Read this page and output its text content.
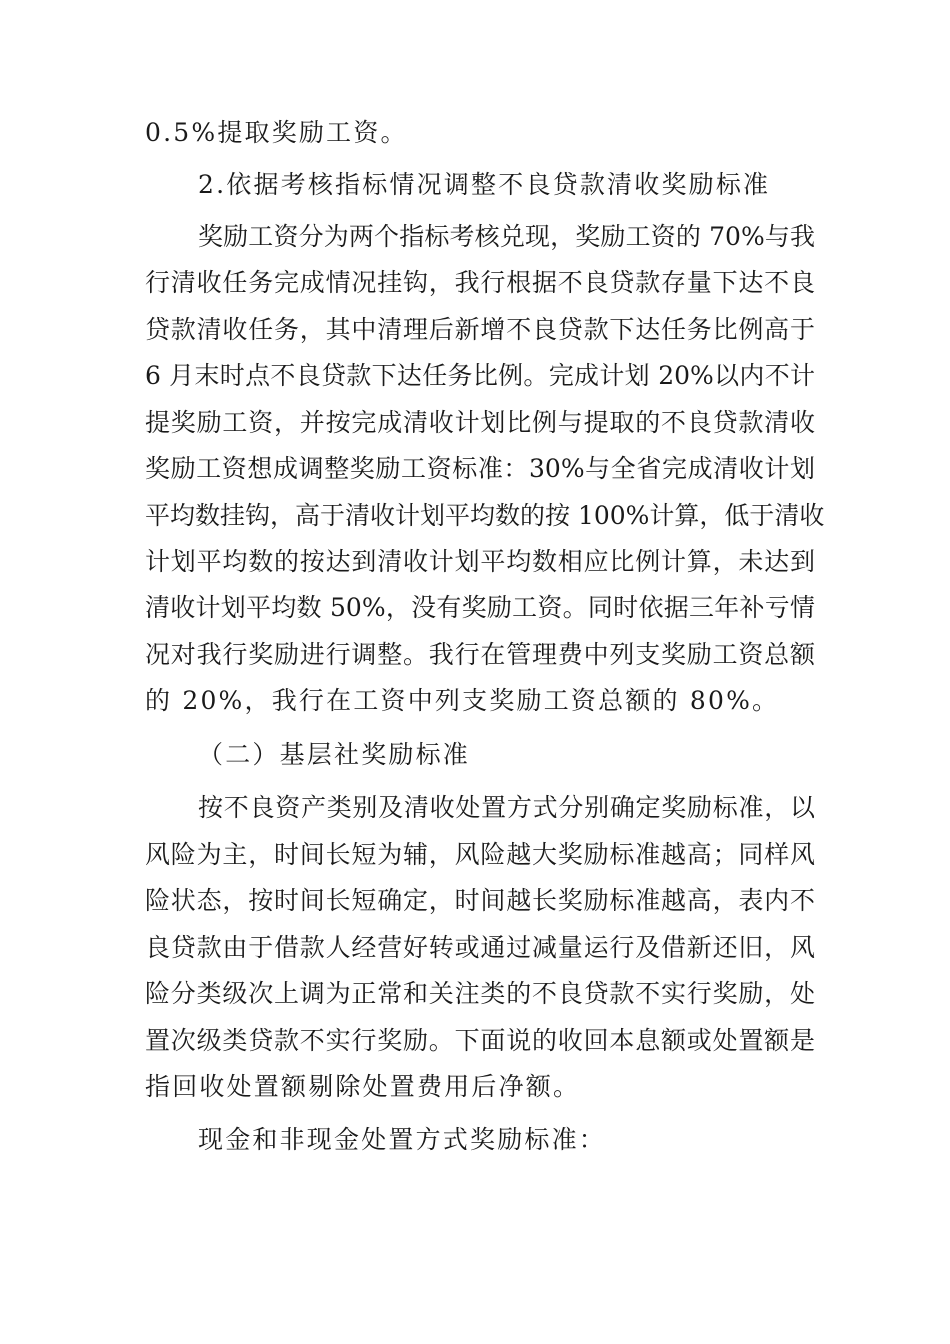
0.5%提取奖励工资。
2.依据考核指标情况调整不良贷款清收奖励标准
奖励工资分为两个指标考核兑现，奖励工资的 70%与我
行清收任务完成情况挂钩，我行根据不良贷款存量下达不良
贷款清收任务，其中清理后新增不良贷款下达任务比例高于
6 月末时点不良贷款下达任务比例。完成计划 20%以内不计
提奖励工资，并按完成清收计划比例与提取的不良贷款清收
奖励工资想成调整奖励工资标准：30%与全省完成清收计划
平均数挂钩，高于清收计划平均数的按 100%计算，低于清收
计划平均数的按达到清收计划平均数相应比例计算，未达到
清收计划平均数 50%，没有奖励工资。同时依据三年补亏情
况对我行奖励进行调整。我行在管理费中列支奖励工资总额
的 20%，我行在工资中列支奖励工资总额的 80%。
（二）基层社奖励标准
按不良资产类别及清收处置方式分别确定奖励标准，以
风险为主，时间长短为辅，风险越大奖励标准越高；同样风
险状态，按时间长短确定，时间越长奖励标准越高，表内不
良贷款由于借款人经营好转或通过减量运行及借新还旧，风
险分类级次上调为正常和关注类的不良贷款不实行奖励，处
置次级类贷款不实行奖励。下面说的收回本息额或处置额是
指回收处置额剔除处置费用后净额。
现金和非现金处置方式奖励标准：
